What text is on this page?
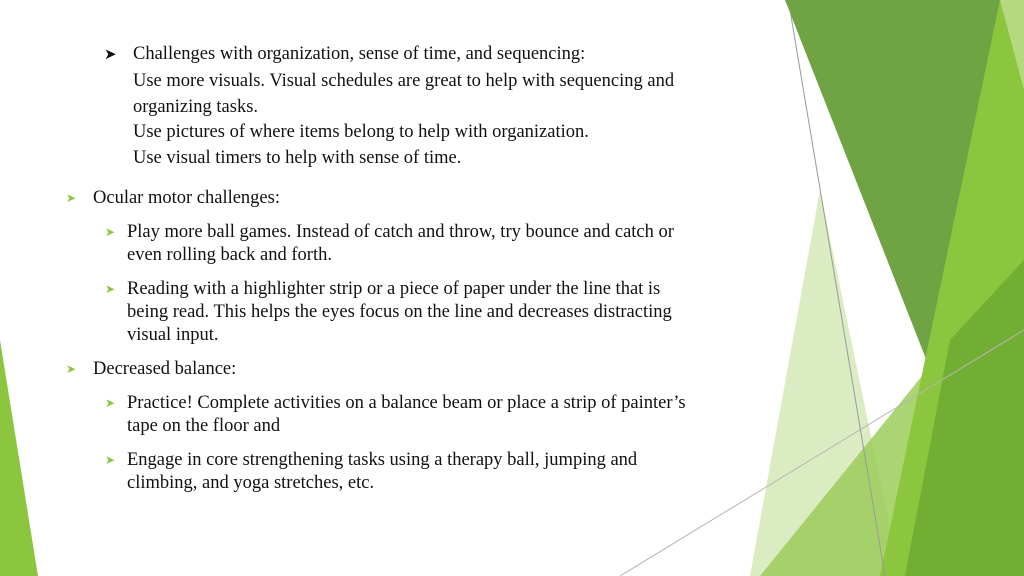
➤ Challenges with organization, sense of time, and sequencing:
Use more visuals. Visual schedules are great to help with sequencing and
organizing tasks.
Use pictures of where items belong to help with organization.
Use visual timers to help with sense of time.
➤ Ocular motor challenges:
➤ Play more ball games. Instead of catch and throw, try bounce and catch or
even rolling back and forth.
➤ Reading with a highlighter strip or a piece of paper under the line that is
being read. This helps the eyes focus on the line and decreases distracting
visual input.
➤ Decreased balance:
➤ Practice! Complete activities on a balance beam or place a strip of painter’s
tape on the floor and
➤ Engage in core strengthening tasks using a therapy ball, jumping and
climbing, and yoga stretches, etc.
